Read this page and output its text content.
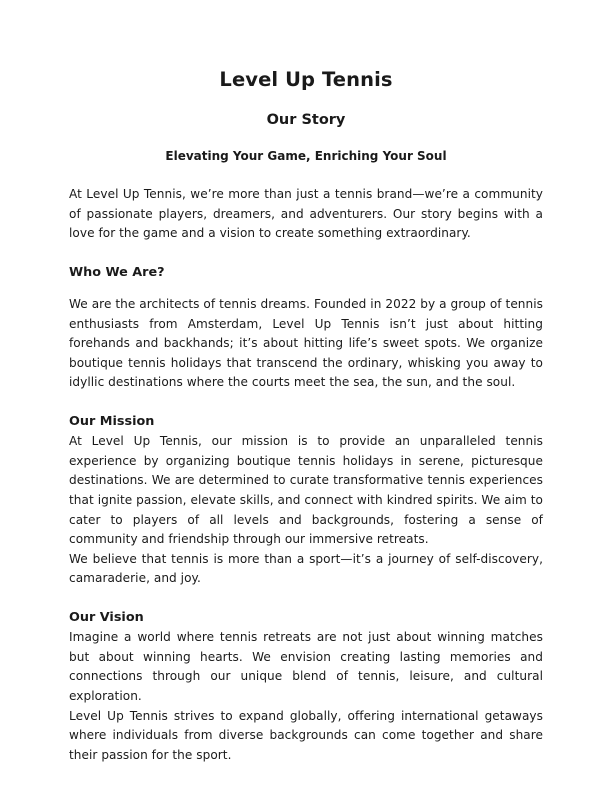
Level Up Tennis
Our Story

Elevating Your Game, Enriching Your Soul

At Level Up Tennis, we’re more than just a tennis brand—we’re a community of passionate players, dreamers, and adventurers. Our story begins with a love for the game and a vision to create something extraordinary.

Who We Are?

We are the architects of tennis dreams. Founded in 2022 by a group of tennis enthusiasts from Amsterdam, Level Up Tennis isn’t just about hitting forehands and backhands; it’s about hitting life’s sweet spots. We organize boutique tennis holidays that transcend the ordinary, whisking you away to idyllic destinations where the courts meet the sea, the sun, and the soul.

Our Mission

At Level Up Tennis, our mission is to provide an unparalleled tennis experience by organizing boutique tennis holidays in serene, picturesque destinations. We are determined to curate transformative tennis experiences that ignite passion, elevate skills, and connect with kindred spirits. We aim to cater to players of all levels and backgrounds, fostering a sense of community and friendship through our immersive retreats.

We believe that tennis is more than a sport—it’s a journey of self-discovery, camaraderie, and joy.

Our Vision

Imagine a world where tennis retreats are not just about winning matches but about winning hearts. We envision creating lasting memories and connections through our unique blend of tennis, leisure, and cultural exploration.

Level Up Tennis strives to expand globally, offering international getaways where individuals from diverse backgrounds can come together and share their passion for the sport.
